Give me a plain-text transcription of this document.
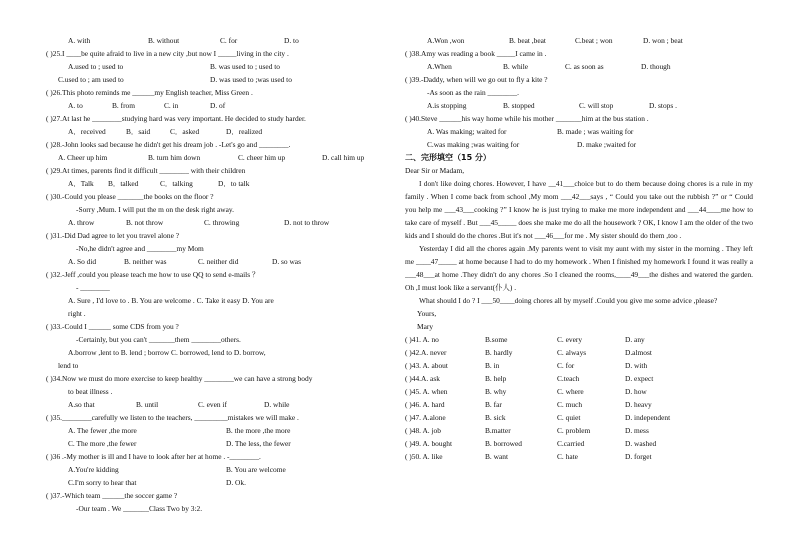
A. with	B. without	C. for	D. to
( )25.I ____be quite afraid to live in a new city ,but now I _____living in the city .
A.used to ; used to	B. was used to ; used to
C.used to ; am used to	D. was used to ;was used to
( )26.This photo reminds me ______my English teacher, Miss Green .
A. to	B. from	C. in	D. of
( )27.At last he ________studying hard was very important. He decided to study harder.
A．received	B．said	C．asked	D．realized
( )28.-John looks sad because he didn't get his dream job . -Let's go and ________.
A. Cheer up him	B. turn him down	C. cheer him up	D. call him up
( )29.At times, parents find it difficult ________ with their children
A．Talk	B．talked	C．talking	D．to talk
( )30.-Could you please _______the books on the floor ?
-Sorry ,Mum. I will put the m on the desk right away.
A. throw	B. not throw	C. throwing	D. not to throw
( )31.-Did Dad agree to let you travel alone ?
-No,he didn't agree and ________my Mom
A. So did	B. neither was	C. neither did	D. so was
( )32.-Jeff ,could you please teach me how to use QQ to send e-mails ？
- ________
A. Sure , I'd love to . B. You are welcome . C. Take it easy D. You are
right .
( )33.-Could I ______ some CDS from you ?
-Certainly, but you can't _______them ________others.
A.borrow ,lent to B. lend ; borrow C. borrowed, lend to D. borrow,
lend to
( )34.Now we must do more exercise to keep healthy ________we can have a strong body
to beat illness .
A.so that	B. until	C. even if	D. while
( )35.________carefully we listen to the teachers, _________mistakes we will make .
A. The fewer ,the more	B. the more ,the more
C. The more ,the fewer	D. The less, the fewer
( )36 .-My mother is ill and I have to look after her at home . -________.
A.You're kidding	B. You are welcome
C.I'm sorry to hear that	D. Ok.
( )37.-Which team ______the soccer game ?
-Our team . We _______Class Two by 3:2.
A.Won ,won	B. beat ,beat	C.beat ; won	D. won ; beat
( )38.Amy was reading a book _____I came in .
A.When	B. while	C. as soon as	D. though
( )39.-Daddy, when will we go out to fly a kite ?
-As soon as the rain ________.
A.is stopping	B. stopped	C. will stop	D. stops .
( )40.Steve ______his way home while his mother _______him at the bus station .
A. Was making; waited for	B. made ; was waiting for
C.was making ;was waiting for	D. make ;waited for
二、完形填空（15 分）
Dear Sir or Madam,
I don't like doing chores. However, I have __41___choice but to do them because doing chores is a rule in my family . When I come back from school ,My mom ___42___says , “ Could you take out the rubbish ?” or “ Could you help me ___43___cooking ?” I know he is just trying to make me more independent and ___44____me how to take care of myself . But ___45_____ does she make me do all the housework ? OK, I know I am the older of the two kids and I should do the chores .But it's not ___46___for me . My sister should do them ,too .
Yesterday I did all the chores again .My parents went to visit my aunt with my sister in the morning . They left me ____47_____ at home because I had to do my homework . When I finished my homework I found it was really a ___48___at home .They didn't do any chores .So I cleaned the rooms,____49___the dishes and watered the garden. Oh ,I must look like a servant(仆人) .
What should I do ? I ___50____doing chores all by myself .Could you give me some advice ,please?
Yours,
Mary
( )41. A. no	B.some	C. every	D. any
( )42.A. never	B. hardly	C. always	D.almost
( )43. A. about	B. in	C. for	D. with
( )44.A. ask	B. help	C.teach	D. expect
( )45. A. when	B. why	C. where	D. how
( )46. A. hard	B. far	C. much	D. heavy
( )47. A.alone	B. sick	C. quiet	D. independent
( )48. A. job	B.matter	C. problem	D. mess
( )49. A. bought	B. borrowed	C.carried	D. washed
( )50. A. like	B. want	C. hate	D. forget
